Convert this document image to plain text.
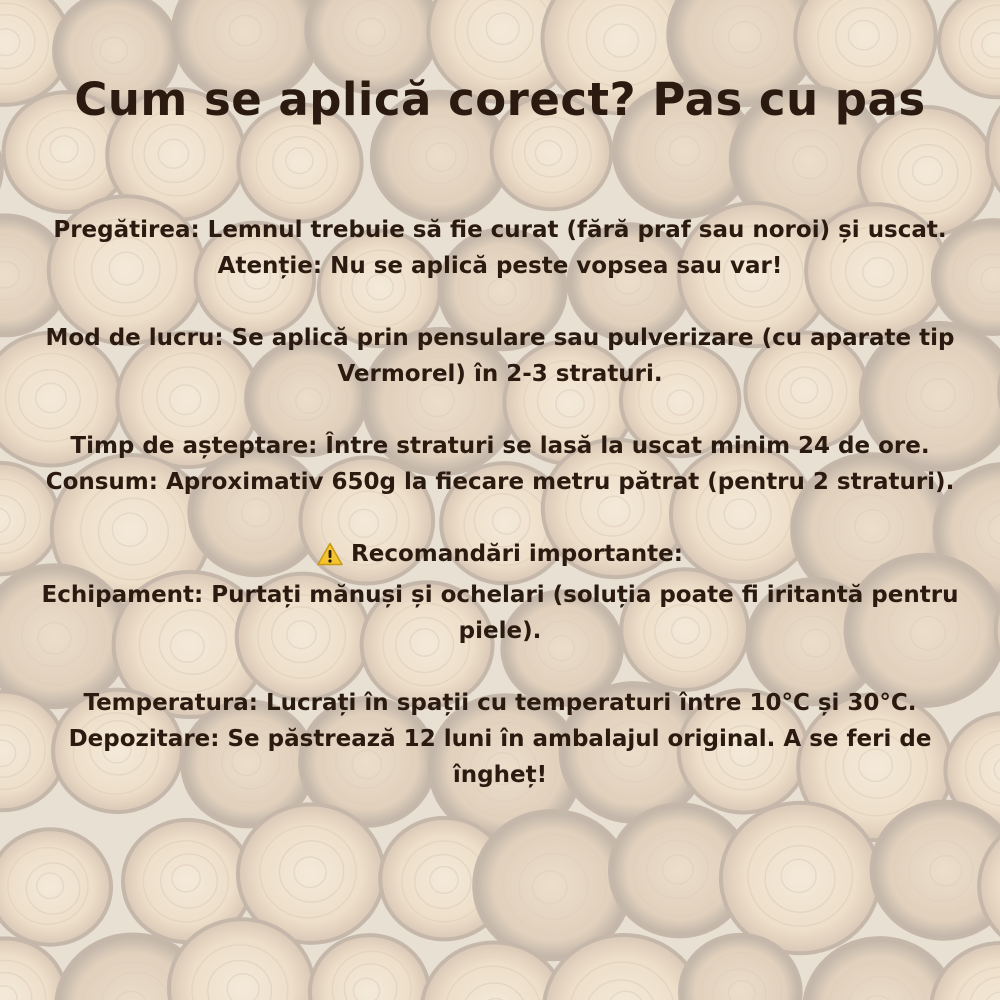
Cum se aplică corect? Pas cu pas

Pregătirea: Lemnul trebuie să fie curat (fără praf sau noroi) și uscat. Atenție: Nu se aplică peste vopsea sau var!

Mod de lucru: Se aplică prin pensulare sau pulverizare (cu aparate tip Vermorel) în 2-3 straturi.

Timp de așteptare: Între straturi se lasă la uscat minim 24 de ore.

Consum: Aproximativ 650g la fiecare metru pătrat (pentru 2 straturi).

Recomandări importante:

Echipament: Purtați mănuși și ochelari (soluția poate fi iritantă pentru piele).

Temperatura: Lucrați în spații cu temperaturi între 10°C și 30°C.

Depozitare: Se păstrează 12 luni în ambalajul original. A se feri de îngheț!
